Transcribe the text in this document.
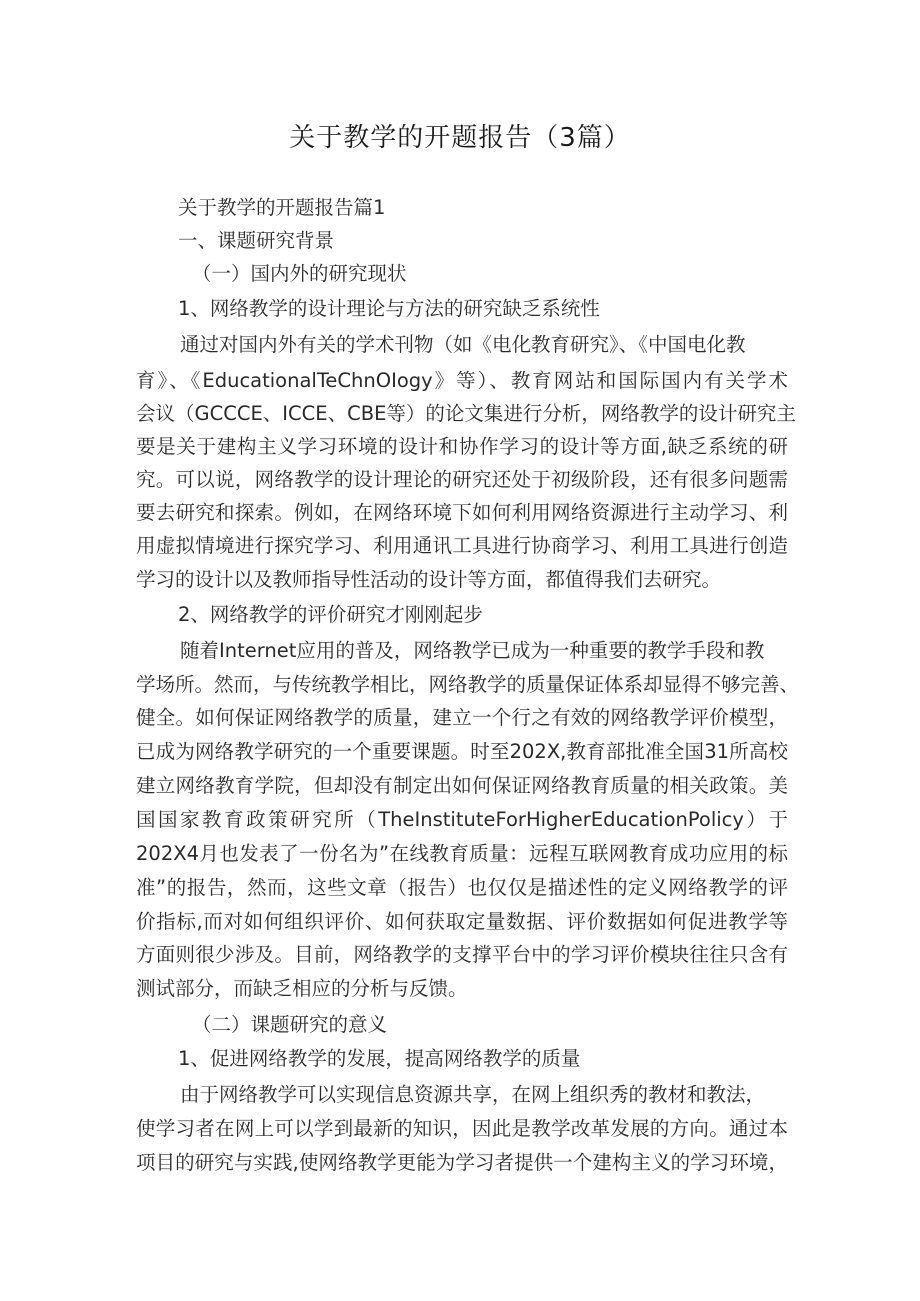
关于教学的开题报告（3篇）
关于教学的开题报告篇1
一、课题研究背景
（一）国内外的研究现状
1、网络教学的设计理论与方法的研究缺乏系统性
通过对国内外有关的学术刊物（如《电化教育研究》、《中国电化教
育》、《EducationalTeChnOIogy》等）、教育网站和国际国内有关学术
会议（GCCCE、ICCE、CBE等）的论文集进行分析，网络教学的设计研究主
要是关于建构主义学习环境的设计和协作学习的设计等方面,缺乏系统的研
究。可以说，网络教学的设计理论的研究还处于初级阶段，还有很多问题需
要去研究和探索。例如，在网络环境下如何利用网络资源进行主动学习、利
用虚拟情境进行探究学习、利用通讯工具进行协商学习、利用工具进行创造
学习的设计以及教师指导性活动的设计等方面，都值得我们去研究。
2、网络教学的评价研究才刚刚起步
随着Internet应用的普及，网络教学已成为一种重要的教学手段和教
学场所。然而，与传统教学相比，网络教学的质量保证体系却显得不够完善、
健全。如何保证网络教学的质量，建立一个行之有效的网络教学评价模型，
已成为网络教学研究的一个重要课题。时至202X,教育部批准全国31所高校
建立网络教育学院，但却没有制定出如何保证网络教育质量的相关政策。美
国国家教育政策研究所（TheInstituteForHigherEducationPolicy）于
202X4月也发表了一份名为”在线教育质量：远程互联网教育成功应用的标
准”的报告，然而，这些文章（报告）也仅仅是描述性的定义网络教学的评
价指标,而对如何组织评价、如何获取定量数据、评价数据如何促进教学等
方面则很少涉及。目前，网络教学的支撑平台中的学习评价模块往往只含有
测试部分，而缺乏相应的分析与反馈。
（二）课题研究的意义
1、促进网络教学的发展，提高网络教学的质量
由于网络教学可以实现信息资源共享，在网上组织秀的教材和教法，
使学习者在网上可以学到最新的知识，因此是教学改革发展的方向。通过本
项目的研究与实践,使网络教学更能为学习者提供一个建构主义的学习环境，
